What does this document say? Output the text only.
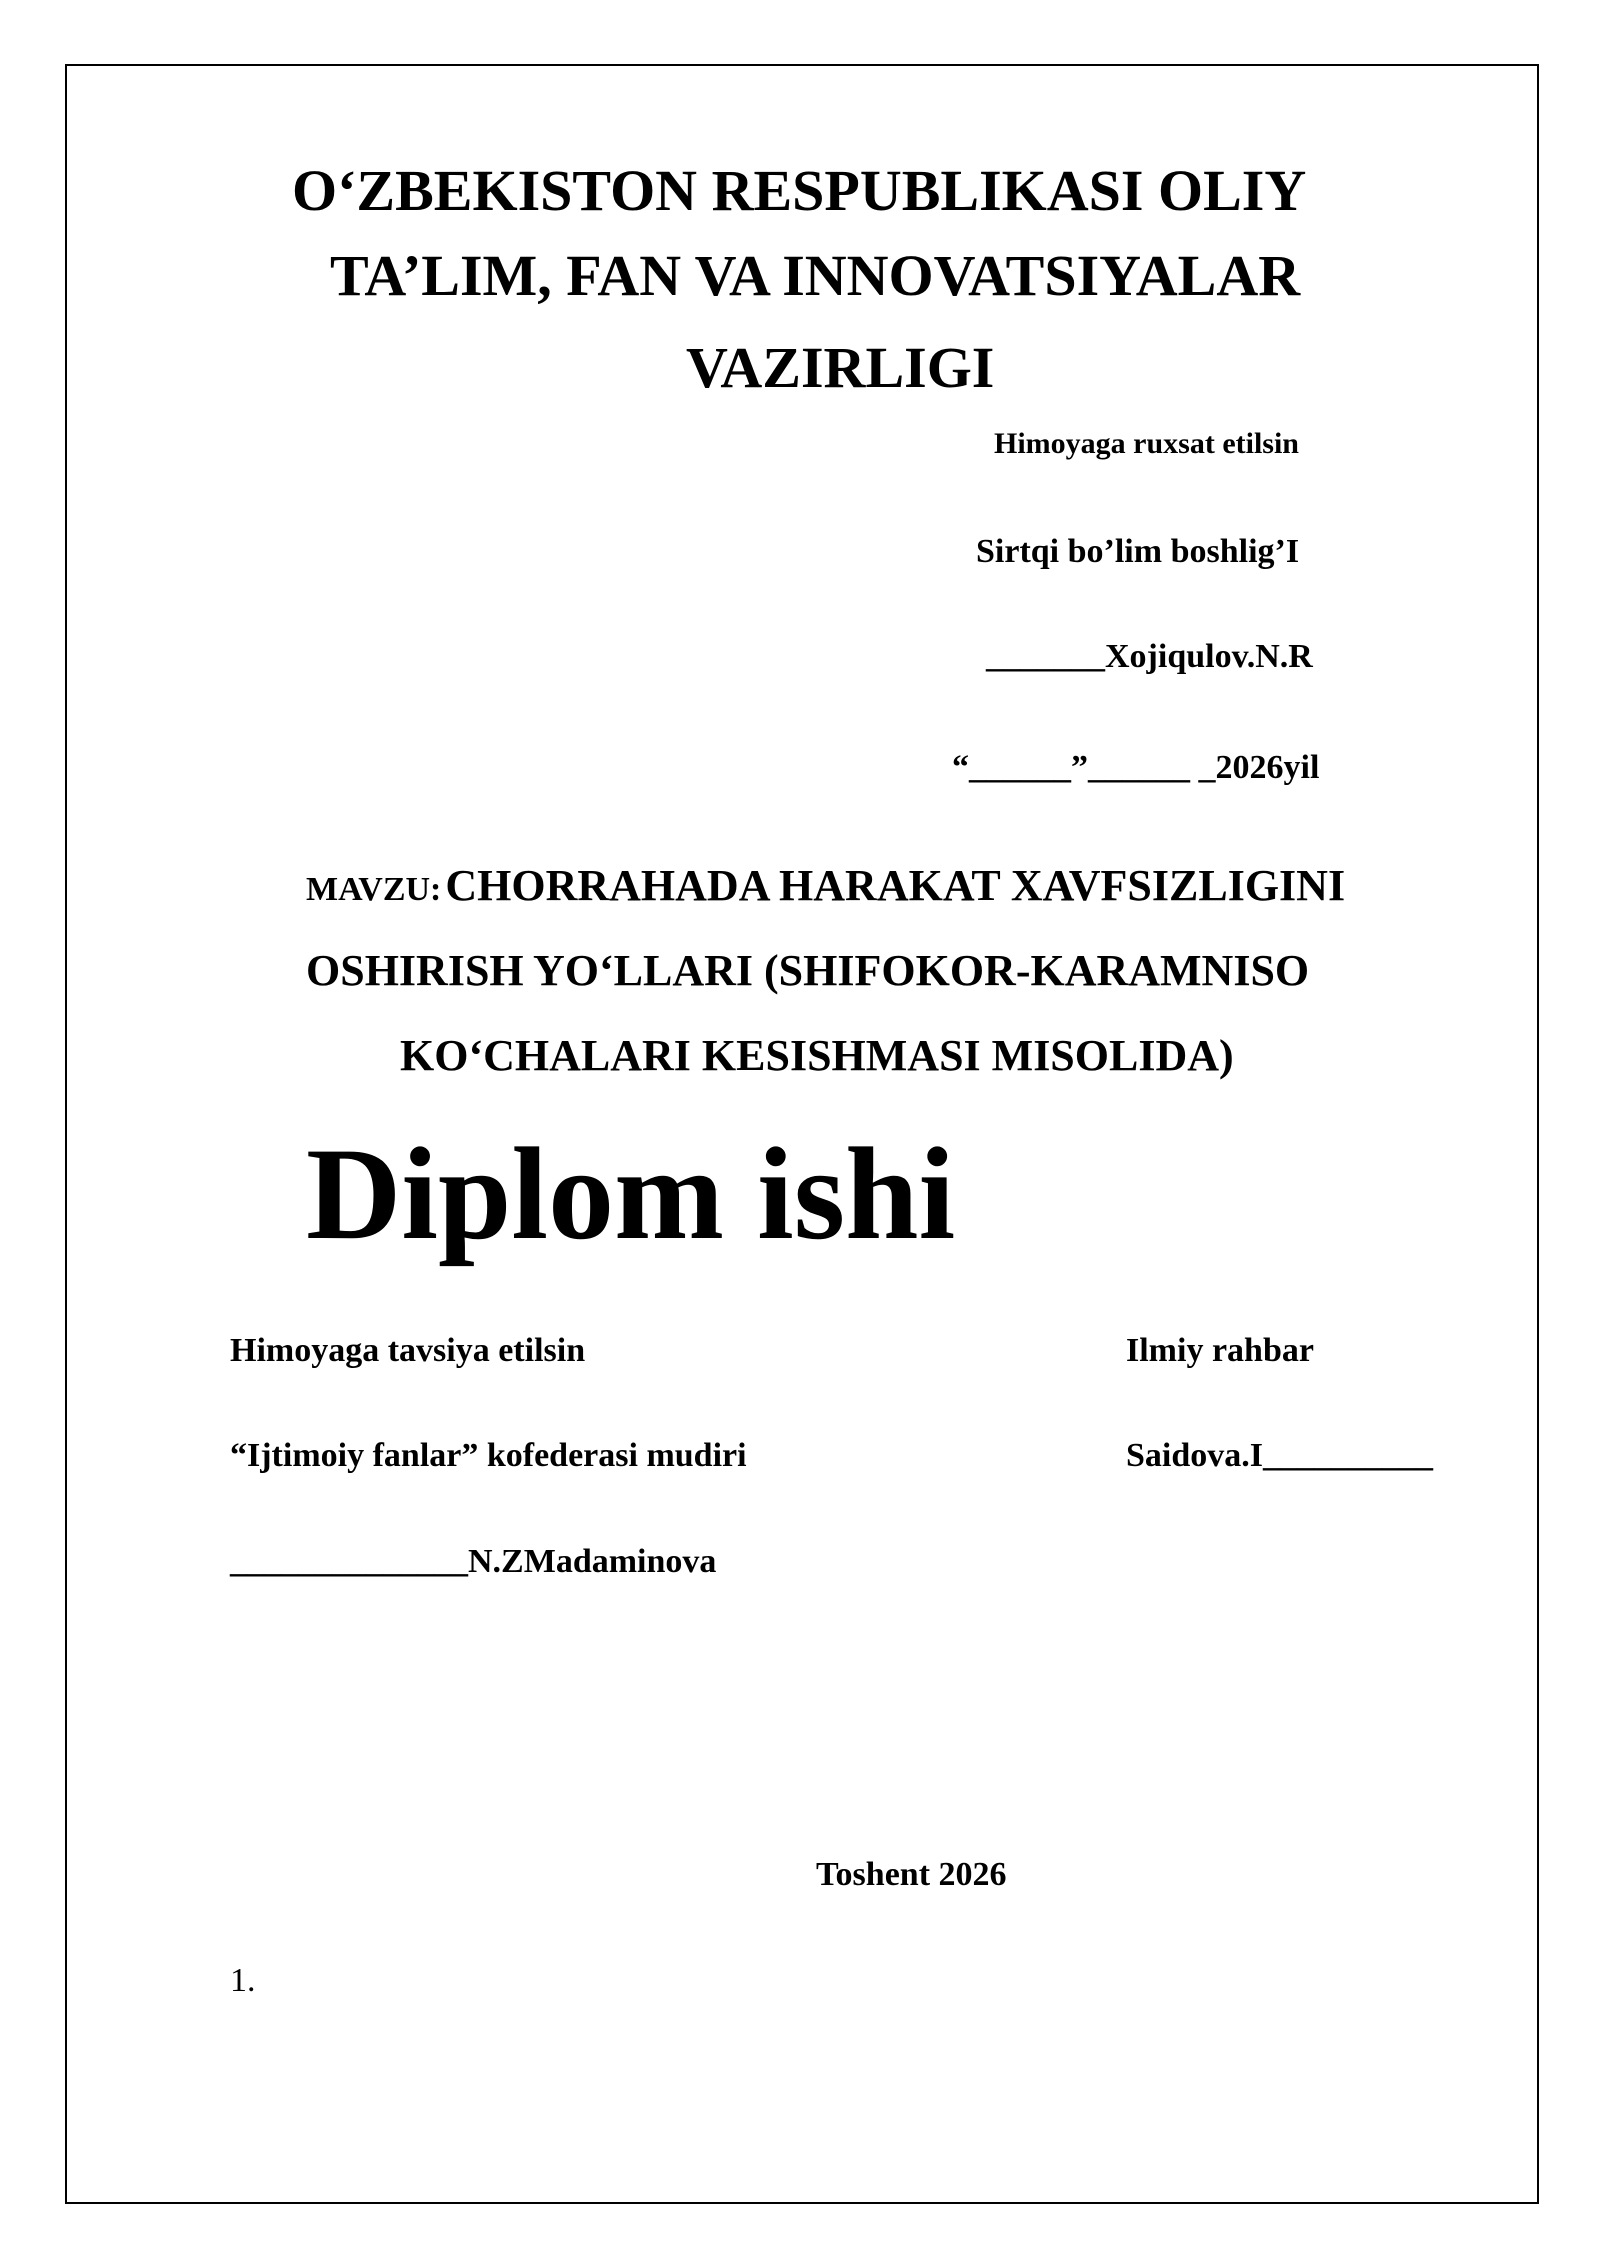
O‘ZBEKISTON RESPUBLIKASI OLIY
TA’LIM, FAN VA INNOVATSIYALAR
VAZIRLIGI
Himoyaga ruxsat etilsin
Sirtqi bo’lim boshlig’I
_______Xojiqulov.N.R
“______”______ _2026yil
MAVZU: CHORRAHADA HARAKAT XAVFSIZLIGINI
OSHIRISH YO‘LLARI (SHIFOKOR-KARAMNISO
KO‘CHALARI KESISHMASI MISOLIDA)
Diplom ishi
Himoyaga tavsiya etilsin
“Ijtimoiy fanlar” kofederasi mudiri
______________N.ZMadaminova
Ilmiy rahbar
Saidova.I__________
Toshent 2026
1.
